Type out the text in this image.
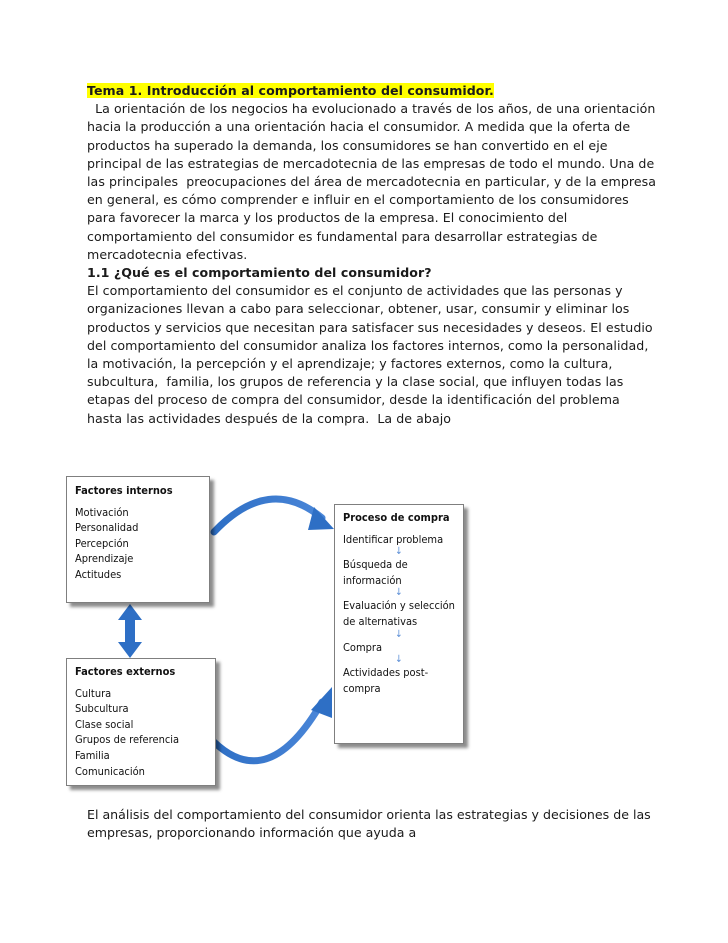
Tema 1. Introducción al comportamiento del consumidor.

La orientación de los negocios ha evolucionado a través de los años, de una orientación hacia la producción a una orientación hacia el consumidor. A medida que la oferta de productos ha superado la demanda, los consumidores se han convertido en el eje principal de las estrategias de mercadotecnia de las empresas de todo el mundo. Una de las principales  preocupaciones del área de mercadotecnia en particular, y de la empresa en general, es cómo comprender e influir en el comportamiento de los consumidores para favorecer la marca y los productos de la empresa. El conocimiento del comportamiento del consumidor es fundamental para desarrollar estrategias de mercadotecnia efectivas.

1.1 ¿Qué es el comportamiento del consumidor?

El comportamiento del consumidor es el conjunto de actividades que las personas y organizaciones llevan a cabo para seleccionar, obtener, usar, consumir y eliminar los productos y servicios que necesitan para satisfacer sus necesidades y deseos. El estudio del comportamiento del consumidor analiza los factores internos, como la personalidad, la motivación, la percepción y el aprendizaje; y factores externos, como la cultura, subcultura,  familia, los grupos de referencia y la clase social, que influyen todas las etapas del proceso de compra del consumidor, desde la identificación del problema hasta las actividades después de la compra.  La de abajo

Factores internos
Motivación
Personalidad
Percepción
Aprendizaje
Actitudes
Factores externos
Cultura
Subcultura
Clase social
Grupos de referencia
Familia
Comunicación
Proceso de compra
Identificar problema
↓
Búsqueda de información
↓
Evaluación y selección de alternativas
↓
Compra
↓
Actividades post-compra

El análisis del comportamiento del consumidor orienta las estrategias y decisiones de las empresas, proporcionando información que ayuda a
